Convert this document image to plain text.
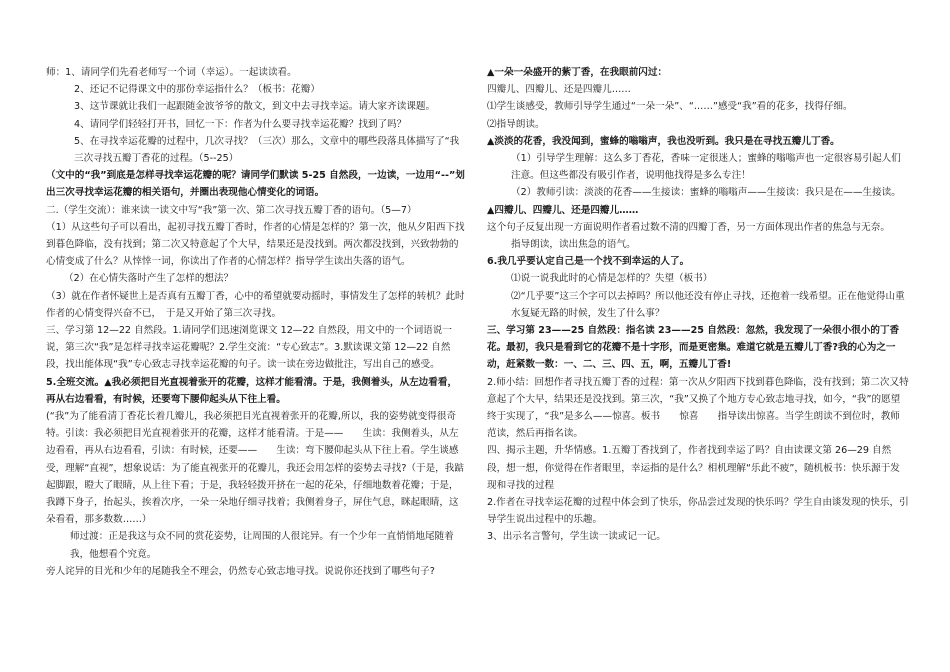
师：1、请同学们先看老师写一个词（幸运）。一起读读看。

2、还记不记得课文中的那份幸运指什么？（板书：花瓣）

3、这节课就让我们一起跟随金波爷爷的散文，到文中去寻找幸运。请大家齐读课题。

4、请同学们轻轻打开书，回忆一下：作者为什么要寻找幸运花瓣？找到了吗？

5、在寻找幸运花瓣的过程中，几次寻找？（三次）那么，文章中的哪些段落具体描写了“我三次寻找五瓣丁香花的过程。（5--25）

（文中的“我”到底是怎样寻找幸运花瓣的呢？请同学们默读 5-25 自然段，一边读，一边用“--”划出三次寻找幸运花瓣的相关语句，并圈出表现他心情变化的词语。

二.（学生交流）：谁来读一读文中写“我”第一次、第二次寻找五瓣丁香的语句。（5—7）

（1）从这些句子可以看出，起初寻找五瓣丁香时，作者的心情是怎样的？第一次，他从夕阳西下找到暮色降临，没有找到；第二次又特意起了个大早，结果还是没找到。两次都没找到，兴致勃勃的心情变成了什么？从悻悻一词，你读出了作者的心情怎样？指导学生读出失落的语气。

（2）在心情失落时产生了怎样的想法？

（3）就在作者怀疑世上是否真有五瓣丁香，心中的希望就要动摇时，事情发生了怎样的转机？此时作者的心情变得兴奋不已，　于是又开始了第三次寻找。

三、学习第 12—22 自然段。1.请同学们迅速浏览课文 12—22 自然段，用文中的一个词语说一说，第三次“我”是怎样寻找幸运花瓣呢？2.学生交流：“专心致志”。3.默读课文第 12—22 自然段，找出能体现“我”专心致志寻找幸运花瓣的句子。读一读在旁边做批注，写出自己的感受。

5.全班交流。▲我必须把目光直视着张开的花瓣，这样才能看清。于是，我侧着头，从左边看看，再从右边看看，有时候，还要弯下腰仰起头从下往上看。

(“我”为了能看清丁香花长着几瓣儿，我必须把目光直视着张开的花瓣,所以，我的姿势就变得很奇特。引读：我必须把目光直视着张开的花瓣，这样才能看清。于是——　　生读：我侧着头，从左边看看，再从右边看看，引读：有时候，还要——　　生读：弯下腰仰起头从下往上看。学生谈感受，理解“直视”，想象说话：为了能直视张开的花瓣儿，我还会用怎样的姿势去寻找?（于是，我踮起脚跟，瞪大了眼睛，从上往下看；于是，我轻轻拨开挤在一起的花朵，仔细地数着花瓣；于是，我蹲下身子，抬起头，挨着次序，一朵一朵地仔细寻找着；我侧着身子，屏住气息，眯起眼睛，这朵看看，那多数数……）

师过渡：正是我这与众不同的赏花姿势，让周围的人很诧异。有一个少年一直悄悄地尾随着我，他想看个究竟。

旁人诧异的目光和少年的尾随我全不理会，仍然专心致志地寻找。说说你还找到了哪些句子?

▲一朵一朵盛开的紫丁香，在我眼前闪过：

四瓣儿、四瓣儿、还是四瓣儿……

⑴学生谈感受，教师引导学生通过“一朵一朵”、“……”感受“我”看的花多，找得仔细。

⑵指导朗读。

▲淡淡的花香，我没闻到，蜜蜂的嗡嗡声，我也没听到。我只是在寻找五瓣儿丁香。

（1）引导学生理解：这么多丁香花，香味一定很迷人；蜜蜂的嗡嗡声也一定很容易引起人们注意。但这些都没有吸引作者，说明他找得是多么专注！

（2）教师引读：淡淡的花香——生接读：蜜蜂的嗡嗡声——生接读：我只是在——生接读。

▲四瓣儿、四瓣儿、还是四瓣儿……

这个句子反复出现一方面说明作者看过数不清的四瓣丁香，另一方面体现出作者的焦急与无奈。

指导朗读，读出焦急的语气。

6.我几乎要认定自己是一个找不到幸运的人了。

⑴说一说我此时的心情是怎样的？失望（板书）

⑵“几乎要”这三个字可以去掉吗？所以他还没有停止寻找，还抱着一线希望。正在他觉得山重水复疑无路的时候，发生了什么事？

三、学习第 23——25 自然段：指名读 23——25 自然段：忽然，我发现了一朵很小很小的丁香花。最初，我只是看到它的花瓣不是十字形，而是更密集。难道它就是五瓣儿丁香?我的心为之一动，赶紧数一数：一、二、三、四、五，啊，五瓣儿丁香!

2.师小结：回想作者寻找五瓣丁香的过程：第一次从夕阳西下找到暮色降临，没有找到；第二次又特意起了个大早，结果还是没找到。第三次，“我”又换了个地方专心致志地寻找，如今，“我”的愿望终于实现了，“我”是多么——惊喜。板书　　惊喜　　指导读出惊喜。当学生朗读不到位时，教师范读，然后再指名读。

四、揭示主题，升华情感。1.五瓣丁香找到了，作者找到幸运了吗？自由读课文第 26—29 自然段，想一想，你觉得在作者眼里，幸运指的是什么？相机理解“乐此不疲”，随机板书：快乐源于发现和寻找的过程

2.作者在寻找幸运花瓣的过程中体会到了快乐，你品尝过发现的快乐吗？学生自由谈发现的快乐，引导学生说出过程中的乐趣。

3、出示名言警句，学生读一读或记一记。
